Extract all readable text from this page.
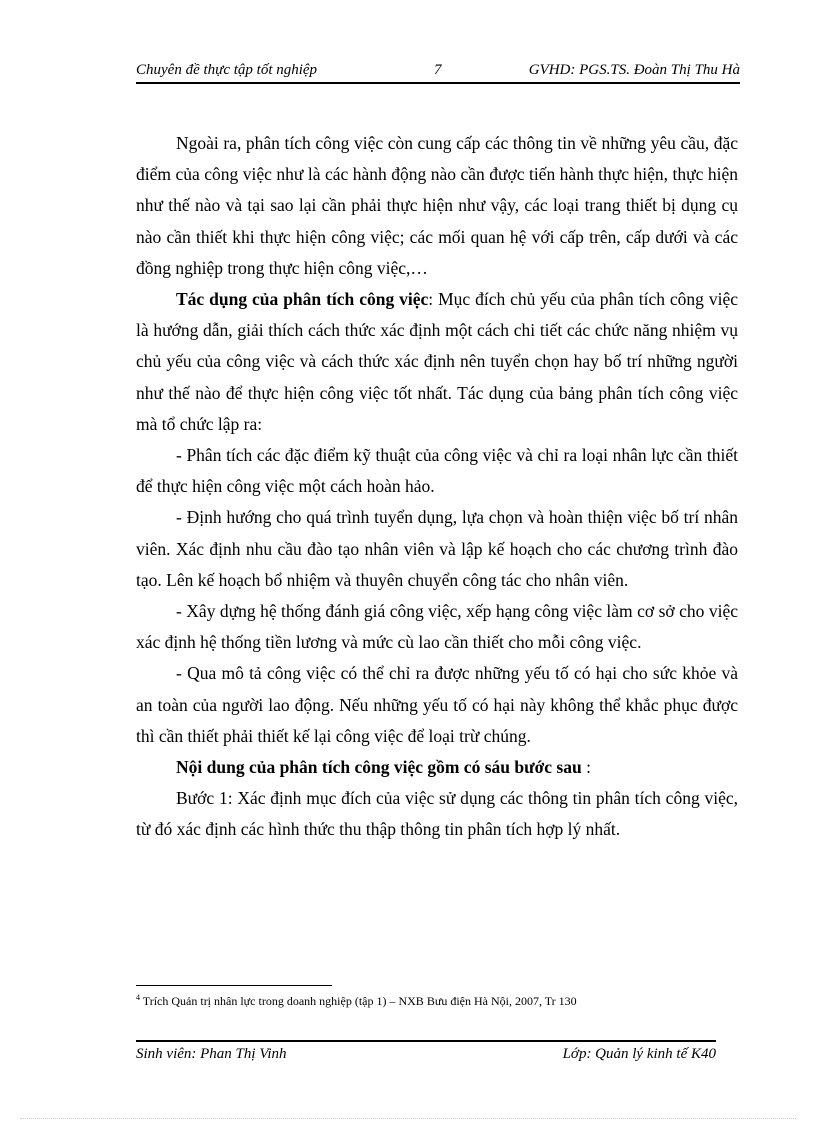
Chuyên đề thực tập tốt nghiệp	7	GVHD: PGS.TS. Đoàn Thị Thu Hà

Ngoài ra, phân tích công việc còn cung cấp các thông tin về những yêu cầu, đặc điểm của công việc như là các hành động nào cần được tiến hành thực hiện, thực hiện như thế nào và tại sao lại cần phải thực hiện như vậy, các loại trang thiết bị dụng cụ nào cần thiết khi thực hiện công việc; các mối quan hệ với cấp trên, cấp dưới và các đồng nghiệp trong thực hiện công việc,…

Tác dụng của phân tích công việc: Mục đích chủ yếu của phân tích công việc là hướng dẫn, giải thích cách thức xác định một cách chi tiết các chức năng nhiệm vụ chủ yếu của công việc và cách thức xác định nên tuyển chọn hay bố trí những người như thế nào để thực hiện công việc tốt nhất. Tác dụng của bảng phân tích công việc mà tổ chức lập ra:

- Phân tích các đặc điểm kỹ thuật của công việc và chỉ ra loại nhân lực cần thiết để thực hiện công việc một cách hoàn hảo.

- Định hướng cho quá trình tuyển dụng, lựa chọn và hoàn thiện việc bố trí nhân viên. Xác định nhu cầu đào tạo nhân viên và lập kế hoạch cho các chương trình đào tạo. Lên kế hoạch bổ nhiệm và thuyên chuyển công tác cho nhân viên.

- Xây dựng hệ thống đánh giá công việc, xếp hạng công việc làm cơ sở cho việc xác định hệ thống tiền lương và mức cù lao cần thiết cho mỗi công việc.

- Qua mô tả công việc có thể chỉ ra được những yếu tố có hại cho sức khỏe và an toàn của người lao động. Nếu những yếu tố có hại này không thể khắc phục được thì cần thiết phải thiết kế lại công việc để loại trừ chúng.

Nội dung của phân tích công việc gồm có sáu bước sau :

Bước 1: Xác định mục đích của việc sử dụng các thông tin phân tích công việc, từ đó xác định các hình thức thu thập thông tin phân tích hợp lý nhất.

$^4$ Trích Quản trị nhân lực trong doanh nghiệp (tập 1) – NXB Bưu điện Hà Nội, 2007, Tr 130
Sinh viên: Phan Thị Vinh	Lớp: Quản lý kinh tế K40
